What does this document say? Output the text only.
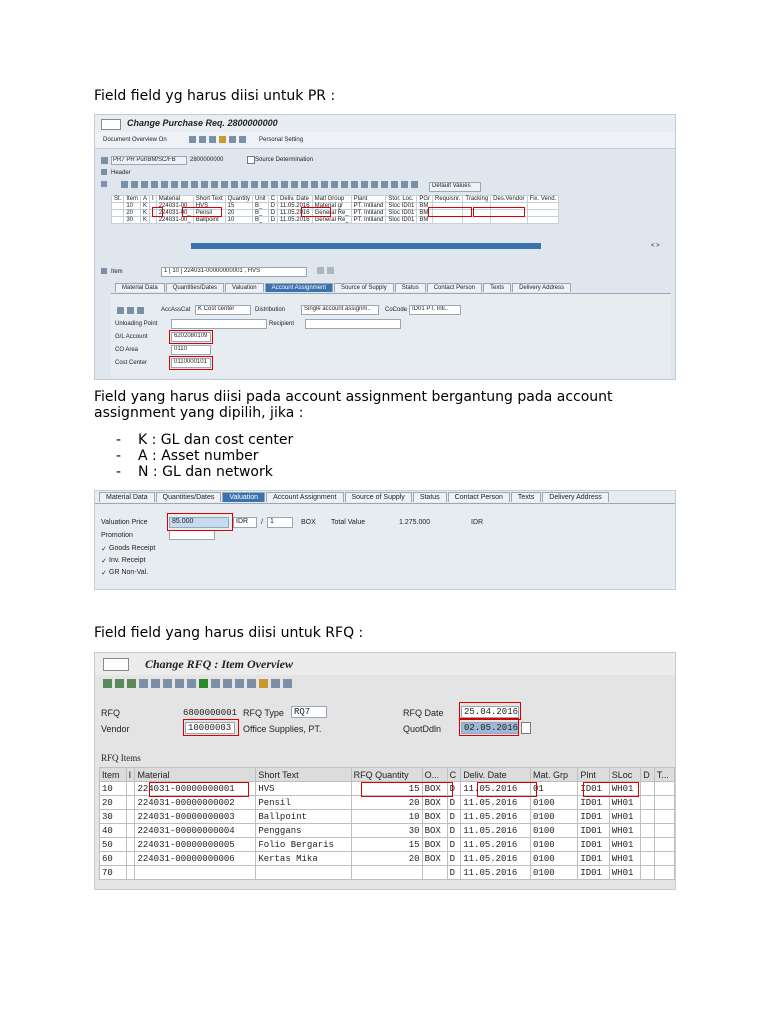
Field field yg harus diisi untuk PR :
Change Purchase Req. 2800000000
Document Overview On	Personal Setting
PR7 PR Pur/BM/SC/FB	2800000000	Source Determination
Header
Default Values
St.	Item	A	I	Material	Short Text	Quantity	Unit	C	Deliv. Date	Matl Group	Plant	Stor. Loc.	PGr	Requisnr.	Tracking	Des.Vendor	Fix. Vend.
	10	K		224031-00	HVS	15	B_	D	11.05.2016	Material gr	PT. Intiland	Sloc ID01	BM				
	20	K		224031-00_	Pensil	20	B_	D	11.05.2016	General Re_	PT. Intiland	Sloc ID01	BM				
	30	K		224031-00_	Ballpoint	10	B_	D	11.05.2016	General Re_	PT. Intiland	Sloc ID01	BM				
< >
Item	1 [ 10 ] 224031-00000000001 , HVS
Material Data	Quantities/Dates	Valuation	Account Assignment	Source of Supply	Status	Contact Person	Texts	Delivery Address
AccAssCat	K Cost center	Distribution	Single account assignm..	CoCode ID01 PT. Inti..
Unloading Point	Recipient
G/L Account	6202080109
CO Area	0110
Cost Center	0110000101
Field yang harus diisi pada account assignment bergantung pada account
assignment yang dipilih, jika :
- K : GL dan cost center
- A : Asset number
- N : GL dan network
Material Data	Quantities/Dates	Valuation	Account Assignment	Source of Supply	Status	Contact Person	Texts	Delivery Address
Valuation Price	85.000	IDR	/	1	BOX Total Value	1.275.000	IDR
Promotion
✓ Goods Receipt
✓ Inv. Receipt
✓ GR Non-Val.
Field field yang harus diisi untuk RFQ :
Change RFQ : Item Overview
RFQ	6800000001 RFQ Type	RQ7	RFQ Date	25.04.2016
Vendor	10000003	Office Supplies, PT.	QuotDdln	02.05.2016
RFQ Items
Item	I	Material	Short Text	RFQ Quantity	O...	C	Deliv. Date	Mat. Grp	Plnt	SLoc	D	T...
10		224031-00000000001	HVS	15	BOX	D	11.05.2016	01	ID01	WH01		
20		224031-00000000002	Pensil	20	BOX	D	11.05.2016	0100	ID01	WH01		
30		224031-00000000003	Ballpoint	10	BOX	D	11.05.2016	0100	ID01	WH01		
40		224031-00000000004	Penggans	30	BOX	D	11.05.2016	0100	ID01	WH01		
50		224031-00000000005	Folio Bergaris	15	BOX	D	11.05.2016	0100	ID01	WH01		
60		224031-00000000006	Kertas Mika	20	BOX	D	11.05.2016	0100	ID01	WH01		
70						D	11.05.2016	0100	ID01	WH01		
